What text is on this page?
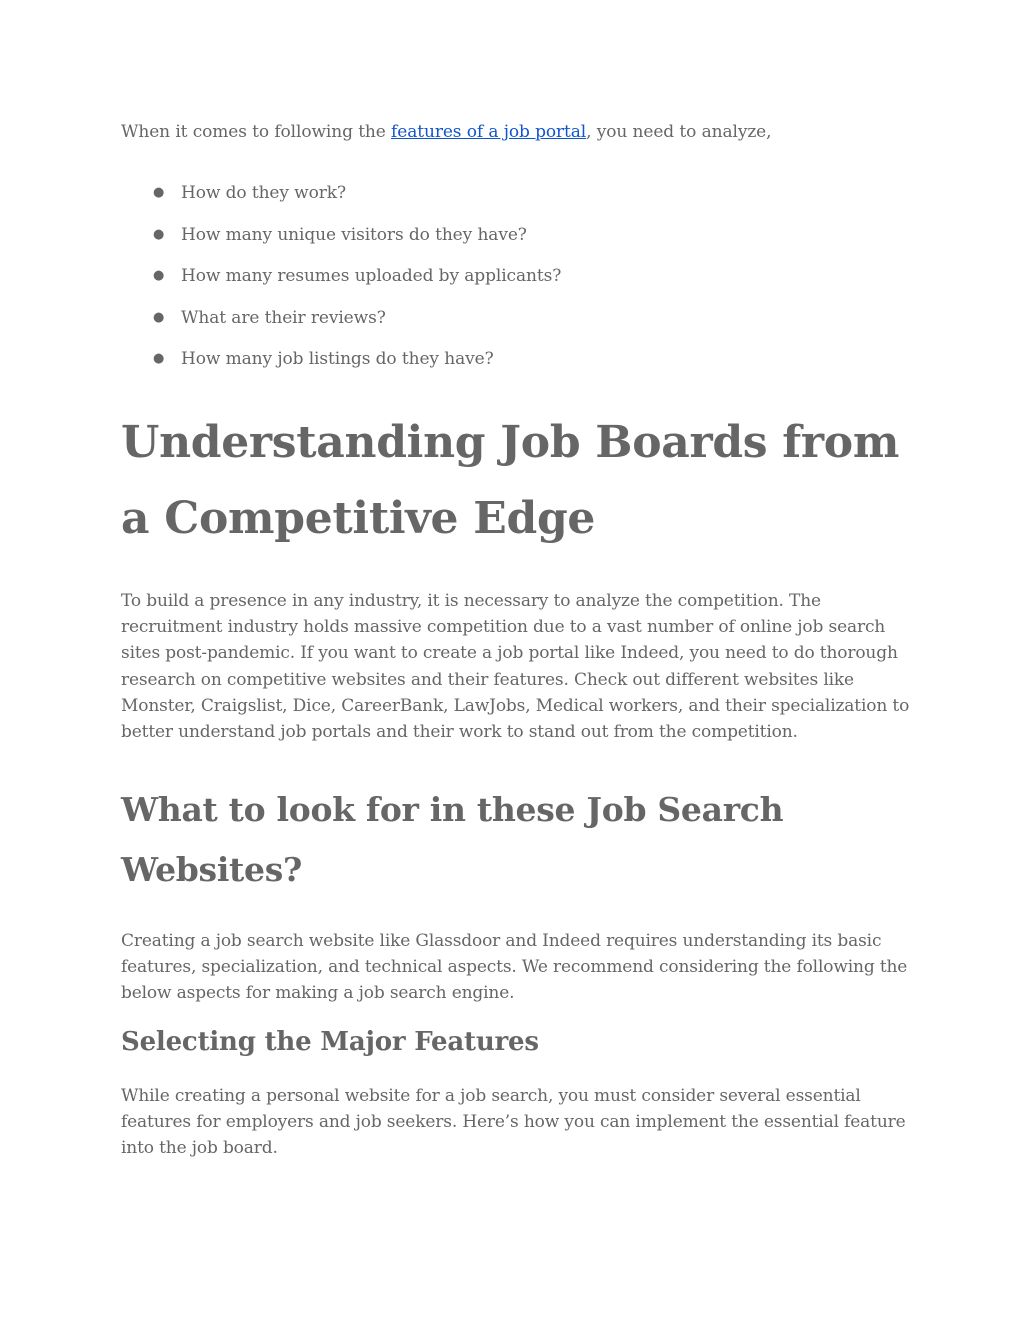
When it comes to following the features of a job portal, you need to analyze,
● How do they work?
● How many unique visitors do they have?
● How many resumes uploaded by applicants?
● What are their reviews?
● How many job listings do they have?
Understanding Job Boards from a Competitive Edge

To build a presence in any industry, it is necessary to analyze the competition. The recruitment industry holds massive competition due to a vast number of online job search sites post-pandemic. If you want to create a job portal like Indeed, you need to do thorough research on competitive websites and their features. Check out different websites like Monster, Craigslist, Dice, CareerBank, LawJobs, Medical workers, and their specialization to better understand job portals and their work to stand out from the competition.

What to look for in these Job Search Websites?

Creating a job search website like Glassdoor and Indeed requires understanding its basic features, specialization, and technical aspects. We recommend considering the following the below aspects for making a job search engine.

Selecting the Major Features

While creating a personal website for a job search, you must consider several essential features for employers and job seekers. Here’s how you can implement the essential feature into the job board.
